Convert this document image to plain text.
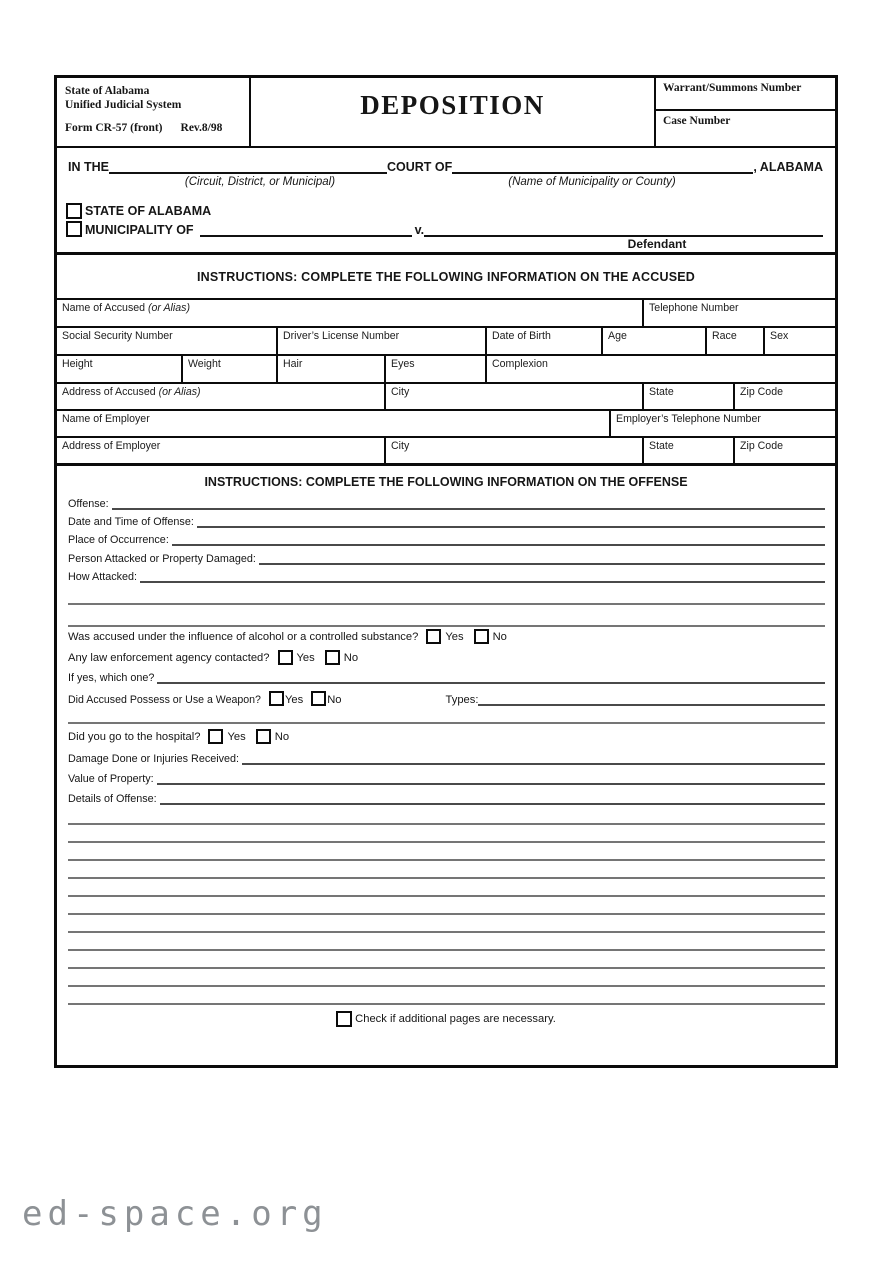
State of Alabama
Unified Judicial System
Form CR-57 (front) Rev.8/98
DEPOSITION
Warrant/Summons Number
Case Number
IN THE	COURT OF	, ALABAMA
(Circuit, District, or Municipal)	(Name of Municipality or County)
STATE OF ALABAMA
MUNICIPALITY OF	v.
Defendant
INSTRUCTIONS: COMPLETE THE FOLLOWING INFORMATION ON THE ACCUSED
Name of Accused (or Alias)	Telephone Number
Social Security Number	Driver’s License Number	Date of Birth	Age	Race	Sex
Height	Weight	Hair	Eyes	Complexion
Address of Accused (or Alias)	City	State	Zip Code
Name of Employer	Employer’s Telephone Number
Address of Employer	City	State	Zip Code
INSTRUCTIONS: COMPLETE THE FOLLOWING INFORMATION ON THE OFFENSE
Offense:
Date and Time of Offense:
Place of Occurrence:
Person Attacked or Property Damaged:
How Attacked:
Was accused under the influence of alcohol or a controlled substance? Yes	No
Any law enforcement agency contacted? Yes	No
If yes, which one?
Did Accused Possess or Use a Weapon? Yes No	Types:
Did you go to the hospital? Yes	No
Damage Done or Injuries Received:
Value of Property:
Details of Offense:
Check if additional pages are necessary.
ed-space.org
